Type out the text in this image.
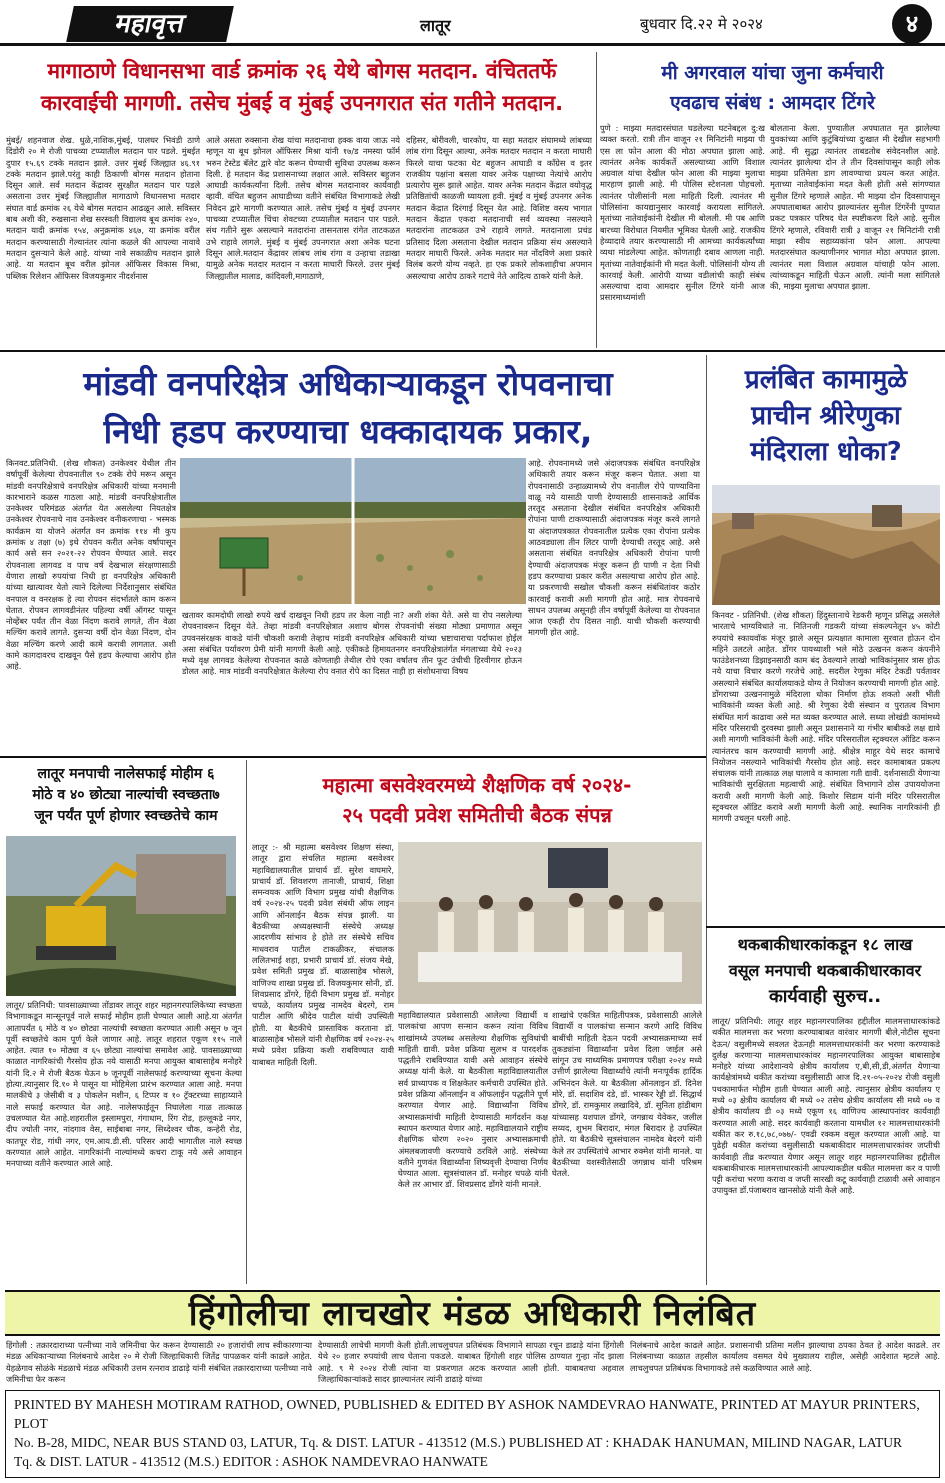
महावृत्त	लातूर	बुधवार दि.२२ मे २०२४	४
मागाठाणे विधानसभा वार्ड क्रमांक २६ येथे बोगस मतदान. वंचिततर्फे
कारवाईची मागणी. तसेच मुंबई व मुंबई उपनगरात संत गतीने मतदान.
मुंबई/ शहनवाज शेख. धुळे,नाशिक,मुंबई, पालघर भिवंडी ठाणे दिंडोरी २० मे रोजी पाचव्या टप्प्यातील मतदान पार पडले. मुंबईत दुपार १५.६९ टक्के मतदान झाले. उत्तर मुंबई जिल्ह्यात ४६.९१ टक्के मतदान झाले.परंतु काही ठिकाणी बोगस मतदान होताना दिसून आले. सर्व मतदान केंद्रावर सुरक्षीत मतदान पार पडले असताना उत्तर मुंबई जिल्ह्यातील मागाठाणे विधानसभा मतदार संघात वार्ड क्रमांक २६ येथे बोगस मतदान आढळून आले. सविस्तर बाब अशी की, रुखसाना शेख सरस्वती विद्यालय बूथ क्रमांक २४०, मतदान यादी क्रमांक १५४, अनुक्रमांक ४६७, या क्रमांक वरील मतदान करण्यासाठी गेल्यानंतर त्यांना कळले की आपल्या नावावे मतदान दुसऱ्याने केले आहे. यांच्या नावे सकाळीच मतदान झाले आहे. या मतदान बूथ वरील झोनल ऑफिसर विकास मिश्रा, पब्लिक रिलेशन ऑफिसर विजयकुमार नीदर्शनास
आले असता रुक्साना शेख यांचा मतदानाचा हक्क वाया जाऊ नये म्हणून या बूथ झोनल ऑफिसर मिश्रा यांनी १७/ड नमस्या फॉर्म भरुन टेस्टेड बॅलेट द्वारे वोट करून घेण्याची सुविधा उपलब्ध करून दिली. हे मतदान केंद्र प्रशासनाच्या लक्षात आले. सविस्तर बहुजन आघाडी कार्यकर्त्यांना दिली. तसेच बोगस मतदानावर कार्यवाही व्हावी. वंचित बहुजन आघाडीच्या वतीने संबंधित विभागाकडे लेखी निवेदन द्वारे मागणी करण्यात आले. तसेच मुंबई व मुंबई उपनगर पाचव्या टप्प्यातील चिंचा शेवटच्या टप्प्यातील मतदान पार पडले. संथ गतीने सुरू असल्याने मतदारांना तासनतास रांगेत ताटकळत उभे राहावे लागले. मुंबई व मुंबई उपनगरात अशा अनेक घटना दिसून आले.मतदान केंद्रावर लांबच लांब रांगा व उन्हाचा तडाखा यामुळे अनेक मतदार मतदान न करता माघारी फिरले. उत्तर मुंबई जिल्ह्यातील मालाड, कांदिवली,मागाठाणे,
दहिसर, बोरीवली, चारकोप, या सहा मतदार संघामध्ये लांबच्या लांब रांगा दिसून आल्या, अनेक मतदार मतदान न करता माघारी फिरले याचा फटका थेट बहुजन आघाडी व काँग्रेस व इतर राजकीय पक्षांना बसला यावर अनेक पक्षाच्या नेत्यांचे आरोप प्रत्यारोप सुरू झाले आहेत. यावर अनेक मतदान केंद्रात वयोवृद्ध प्रतिष्ठितांची काळजी घ्यायला हवी. मुंबई व मुंबई उपनगर अनेक मतदान केंद्रात दिरंगाई दिसून येत आहे. विशिष्ट वस्त्य भागात मतदान केंद्रात एकदा मतदानाची सर्व व्यवस्था नसल्याने मतदारांना ताटकळत उभे राहावे लागते. मतदानाला प्रचंड प्रतिसाद दिला असताना देखील मतदान प्रक्रिया संथ असल्याने मतदार माघारी फिरले. अनेक मतदार मत नोंदविणे अशा प्रकारे विलंब करणे योग्य नव्हते. हा एक प्रकारे लोकशाहीचा अपमान असल्याचा आरोप ठाकरे गटाचे नेते आदित्य ठाकरे यांनी केले.
मी अगरवाल यांचा जुना कर्मचारी
एवढाच संबंध : आमदार टिंगरे
पुणे : माझ्या मतदारसंघात घडलेल्या घटनेबद्दल दु:ख व्यक्त करतो. रात्री तीन वाजून २१ मिनिटांनी माझ्या पी एस ला फोन आला की मोठा अपघात झाला आहे. त्यानंतर अनेक कार्यकर्ते असल्याच्या आणि विशाल अग्रवाल यांचा देखील फोन आला की माझ्या मुलाचा मारहाण झाली आहे. मी पोलिस स्टेशनला पोहचलो. त्यानंतर पोलीसांनी मला माहिती दिली. त्यानंतर मी पोलिसांना कायद्यानुसार कारवाई करायला सांगितले. मृतांच्या नातेवाईकांनी देखील मी बोलली. मी पब आणि बारच्या विरोधात नियमीत भूमिका घेतली आहे. राजकीय हेव्यादावे तयार करण्यासाठी मी आमच्या कार्यकर्त्यांच्या व्यथा मांडलेल्या आहेत. कोणताही दबाव आणला नाही. मृतांच्या नातेवाईकांनी मी मदत केली. पोलिसांनी योग्य ती कारवाई केली. आरोपी याच्या वडीलांची काही संबंध असल्याचा दावा आमदार सुनील टिंगरे यांनी आज प्रसारमाध्यमांशी
बोलताना केला. पुण्यातील अपघातात मृत झालेल्या युवकांच्या आणि कुटुंबियांच्या दुःखात मी देखील सहभागी आहे. मी सुद्धा त्यानंतर ताबडतोब संवेदनशील आहे. त्यानंतर झालेल्या दोन ते तीन दिवसांपासून काही लोक माझ्या प्रतिमेला डाग लावण्याचा प्रयत्न करत आहेत. मृताच्या नातेवाईकांना मदत केली होती असे सांगण्यात सुनील टिंगरे म्हणाले आहेत. मी माझ्या दोन दिवसापासून अपघाताबाबत आरोप झाल्यानंतर सुनील टिंगरेंनी पुण्यात प्रकट पत्रकार परिषद घेत स्पष्टीकरण दिले आहे. सुनील टिंगरे म्हणाले, रविवारी रात्री ३ वाजून २१ मिनिटांनी रात्री माझा स्वीय सहाय्यकांना फोन आला. आपल्या मतदारसंघात कल्याणीनगर भागात मोठा अपघात झाला. त्यानंतर मला विशाल अग्रवाल यांचाही फोन आला. त्यांच्याकडून माहिती घेऊन आली. त्यांनी मला सांगितले की, माझ्या मुलाचा अपघात झाला.
मांडवी वनपरिक्षेत्र अधिकाऱ्याकडून रोपवनाचा
निधी हडप करण्याचा धक्कादायक प्रकार,
किनवट.प्रतिनिधी. (शेख शौकत) उनकेश्वर येथील तीन वर्षापूर्वी केलेल्या रोपवनातील ९० टक्के रोपे मरून असून मांडवी वनपरिक्षेत्राचे वनपरिक्षेत्र अधिकारी यांच्या मनमानी कारभाराने कळस गाठला आहे. मांडवी वनपरिक्षेत्रातील उनकेश्वर परिमंडळ अंतर्गत येत असलेल्या नियतक्षेत्र उनकेश्वर रोपवनाचे नाव उनकेश्वर वनीकरणाचा - भस्मक कार्यक्रम या योजने अंतर्गत वन क्रमांक ११४ मी कुप क्रमांक ४ तक्षा (७) इथे रोपवन करीत अनेक वर्षापासून कार्य असे सन २०२१-२२ रोपवन घेण्यात आले. सदर रोपवनाला लागवड व पाच वर्ष देखभाल संरक्षणासाठी येणारा लाखो रुपयांचा निधी हा वनपरिक्षेत्र अधिकारी यांच्या खात्यावर येतो त्याने दिलेल्या निर्देशानुसार संबंधित वनपाल व वनरक्षक हे त्या रोपवन संदर्भातले काम करून घेतात. रोपवन लागवडीनंतर पहिल्या वर्षी ऑगस्ट पासून नोव्हेंबर पर्यंत तीन वेळा निंदण करावे लागते, तीन वेळा मल्चिंग करावे लागते. दुसऱ्या वर्षी दोन वेळा निंदण, दोन वेळा मल्चिंग करणे आदी कामे करावी लागतात. अशी कामे कागदावरच दाखवून पैसे हडप केल्याचा आरोप होत आहे.
खतावर कामदोघी लाखो रुपये खर्च दाखवून निधी हडप तर केला नाही ना? अशी शंका येते. असे या रोप नसलेल्या रोपवनावरून दिसून येते. तेव्हा मांडवी वनपरिक्षेत्रात अशाच बोगस रोपवनांची संख्या मोठ्या प्रमाणात असून उपवनसंरक्षक वाकडे यांनी चौकशी करावी तेव्हाच मांडवी वनपरिक्षेत्र अधिकारी यांच्या भ्रष्टाचाराचा पर्दाफाश होईल असा संबंधित पर्यावरण प्रेमी यांनी मागणी केली आहे. एकीकडे हिमायतनगर वनपरिक्षेत्रातंर्गत मंगलाच्या येथे २०२३ मध्ये वृक्ष लागवड केलेल्या रोपवनात काळे कोणताही तेथील रोपे एका वर्षातच तीन फूट उंचीची हिरवीगार होऊन डोलत आहे. मात्र मांडवी वनपरिक्षेत्रात केलेल्या रोप वनात रोपे का दिसत नाही हा संशोधनाचा विषय
आहे. रोपवनामध्ये जसे अंदाजपत्रक संबंधित वनपरिक्षेत्र अधिकारी तयार करून मंजूर करून घेतात. अशा या रोपवनासाठी उन्हाळ्यामध्ये रोप वनातील रोपे पाण्याविना वाळू नये यासाठी पाणी देण्यासाठी शासनाकडे आर्थिक तरतूद असताना देखील संबंधित वनपरिक्षेत्र अधिकारी रोपांना पाणी टाकण्यासाठी अंदाजपत्रक मंजूर करवे लागते या अंदाजपत्रकात रोपवनातील प्रत्येक एका रोपांना प्रत्येक आठवड्याला तीन लिटर पाणी देण्याची तरतूद आहे. असे असताना संबंधित वनपरिक्षेत्र अधिकारी रोपांना पाणी देण्याची अंदाजपत्रक मंजूर करून ही पाणी न देता निधी हडप करण्याचा प्रकार करीत असल्याचा आरोप होत आहे. या प्रकरणाची सखोल चौकशी करून संबंधितांवर कठोर कारवाई करावी अशी मागणी होत आहे. मात्र रोपवनाचे साधन उपलब्ध असूनही तीन वर्षापूर्वी केलेल्या या रोपवनात आज एकही रोप दिसत नाही. याची चौकशी करण्याची मागणी होत आहे.
प्रलंबित कामामुळे
प्राचीन श्रीरेणुका
मंदिराला धोका?
किनवट - प्रतिनिधी. (शेख शौकत) हिंदुस्तानाचे रेडकरी म्हणून प्रसिद्ध असलेले भारताचे भाग्यविधाते ना. नितिनजी गडकरी यांच्या संकल्पनेतून ४५ कोटी रुपयांचे स्कायवॉक मंजूर झाले असून प्रत्यक्षात कामाला सुरवात होऊन दोन महिने उलटले आहेत. डोंगर पायथ्याशी भले मोठे उत्खनन करून कंपनीने फाउंडेशनच्या डिझाइनसाठी काम बंद ठेवल्याने लाखो भाविकांनुसार त्रास होऊ नये याचा विचार करणे गरजेचे आहे. सदरील रेणुका मंदिर टेकडी पर्वतावर असल्याने संबंधित कार्यालयाकडे योग्य ते नियोजन करण्याची मागणी होत आहे. डोंगराच्या उत्खननामुळे मंदिराला धोका निर्माण होऊ शकतो अशी भीती भाविकांनी व्यक्त केली आहे. श्री रेणुका देवी संस्थान व पुरातत्व विभाग संबंधित मार्ग काढावा असे मत व्यक्त करण्यात आले. सध्या लोखंडी कामांमध्ये मंदिर परिसराची दुरवस्था झाली असून प्रशासनाने या गंभीर बाबीकडे लक्ष द्यावे अशी मागणी भाविकांनी केली आहे. मंदिर परिसरातील स्ट्रक्चरल ऑडिट करून त्यानंतरच काम करण्याची मागणी आहे. श्रीक्षेत्र माहूर येथे सदर कामाचे नियोजन नसल्याने भाविकांची गैरसोय होत आहे. सदर कामाबाबत प्रकल्प संचालक यांनी तात्काळ लक्ष घालावे व कामाला गती द्यावी. दर्शनासाठी येणाऱ्या भाविकांची सुरक्षितता महत्वाची आहे. संबंधित विभागाने ठोस उपाययोजना करावी अशी मागणी केली आहे. किशोर सिडाम यांनी मंदिर परिसरातील स्ट्रक्चरल ऑडिट करावे अशी मागणी केली आहे. स्थानिक नागरिकांनी ही मागणी उचलून धरली आहे.
लातूर मनपाची नालेसफाई मोहीम ६
मोठे व ४० छोट्या नाल्यांची स्वच्छता७
जून पर्यंत पूर्ण होणार स्वच्छतेचे काम
लातूर/ प्रतिनिधी: पावसाळ्याच्या तोंडावर लातूर शहर महानगरपालिकेच्या स्वच्छता विभागाकडून मान्सूनपूर्व नाले सफाई मोहीम हाती घेण्यात आली आहे.या अंतर्गत आतापर्यंत ६ मोठे व ४० छोट्या नाल्यांची स्वच्छता करण्यात आली असून ७ जून पूर्वी स्वच्छतेचे काम पूर्ण केले जाणार आहे. लातूर शहरात एकूण ११५ नाले आहेत. त्यात १० मोठ्या व ६५ छोट्या नाल्यांचा समावेश आहे. पावसाळ्याच्या काळात नागरिकांची गैरसोय होऊ नये यासाठी मनपा आयुक्त बाबासाहेब मनोहरे यांनी दि.२ मे रोजी बैठक घेऊन ७ जूनपूर्वी नालेसफाई करण्याच्या सूचना केल्या होत्या.त्यानुसार दि.१० मे पासून या मोहिमेला प्रारंभ करण्यात आला आहे. मनपा मालकीचे ३ जेसीबी व ३ पोकलेन मशीन, ६ टिप्पर व १० ट्रॅक्टरच्या साहाय्याने नाले सफाई करण्यात येत आहे. नालेसफाईतून निघालेला गाळ तात्काळ उचलण्यात येत आहे.शहरातील इस्लामपुरा, गंगाधाम, रिंग रोड, हल्लूकडे नगर, दीप ज्योती नगर, नांदगाव वेस, साईबाबा नगर, सिध्देश्वर चौक, कन्हेरी रोड, कातपूर रोड, गांधी नगर, एम.आय.डी.सी. परिसर आदी भागातील नाले स्वच्छ करण्यात आले आहेत. नागरिकांनी नाल्यांमध्ये कचरा टाकू नये असे आवाहन मनपाच्या वतीने करण्यात आले आहे.
महात्मा बसवेश्वरमध्ये शैक्षणिक वर्ष २०२४-
२५ पदवी प्रवेश समितीची बैठक संपन्न
लातूर :- श्री महात्मा बसवेश्वर शिक्षण संस्था, लातूर द्वारा संचलित महात्मा बसवेश्वर महाविद्यालयातील प्राचार्य डॉ. सुरेश वाघमारे, प्राचार्य डॉ. शिवशरण तानाजी, प्राचार्य, शिक्षा समन्वयक आणि विभाग प्रमुख यांची शैक्षणिक वर्ष २०२४-२५ पदवी प्रवेश संबंधी ऑफ लाइन आणि ऑनलाईन बैठक संपन्न झाली. या बैठकीच्या अध्यक्षस्थानी संस्थेचे अध्यक्ष आदरणीय सांभाव हे होते तर संस्थेचे सचिव माधवराव पाटील टाकळीकर, संचालक ललितभाई शहा, प्रभारी प्राचार्य डॉ. संजय मेखे, प्रवेश समिती प्रमुख डॉ. बाळासाहेब भोसले, वाणिज्य शाखा प्रमुख डॉ. विजयकुमार सोनी, डॉ. शिवप्रसाद डोंगरे, हिंदी विभाग प्रमुख डॉ. मनोहर चपळे, कार्यालय प्रमुख नामदेव बेदरगे, राम पाटील आणि श्रीदेव पाटील यांची उपस्थिती होती. या बैठकीचे प्रास्ताविक करताना डॉ. बाळासाहेब भोसले यांनी शैक्षणिक वर्ष २०२४-२५ मध्ये प्रवेश प्रक्रिया कशी राबविण्यात यावी याबाबत माहिती दिली.
महाविद्यालयात प्रवेशासाठी आलेल्या विद्यार्थी व पालकांचा आपण सन्मान करून त्यांना विविध शाखांमध्ये उपलब्ध असलेल्या शैक्षणिक सुविधांची माहिती द्यावी. प्रवेश प्रक्रिया सुलभ व पारदर्शक पद्धतीने राबविण्यात यावी असे आवाहन संस्थेचे अध्यक्ष यांनी केले. या बैठकीला महाविद्यालयातील सर्व प्राध्यापक व शिक्षकेतर कर्मचारी उपस्थित होते. प्रवेश प्रक्रिया ऑनलाईन व ऑफलाईन पद्धतीने पूर्ण करण्यात येणार आहे. विद्यार्थ्यांना विविध अभ्यासक्रमांची माहिती देण्यासाठी मार्गदर्शन कक्ष स्थापन करण्यात येणार आहे. महाविद्यालयाने राष्ट्रीय शैक्षणिक धोरण २०२० नुसार अभ्यासक्रमाची अंमलबजावणी करण्याचे ठरविले आहे. संस्थेच्या वतीने गुणवंत विद्यार्थ्यांना शिष्यवृत्ती देण्याचा निर्णय घेण्यात आला. सूत्रसंचालन डॉ. मनोहर चपळे यांनी केले तर आभार डॉ. शिवप्रसाद डोंगरे यांनी मानले.
शाखांचे एकत्रित माहितीपत्रक, प्रवेशासाठी आलेले विद्यार्थी व पालकांचा सन्मान करणे आदि विविध बाबींची माहिती देऊन पदवी अभ्यासक्रमाच्या सर्व तुकड्यांना विद्यार्थ्यांना प्रवेश दिला जाईल असे सांगून उच माध्यमिक प्रमाणपत्र परीक्षा २०२४ मध्ये उत्तीर्ण झालेल्या विद्यार्थ्यांचे त्यांनी मनःपूर्वक हार्दिक अभिनंदन केले. या बैठकीला ऑनलाइन डॉ. दिनेश मोरे, डॉ. सदाशिव दंडे, डॉ. भास्कर रेड्डी डॉ. सिद्धार्थ डोंगरे, डॉ. रामकुमार लखादिवे, डॉ. सुनिता हांडीबाग यांच्यासह यशपाल डोंगरे, जगन्नाथ येवेकर, जलील सय्यद, शुभम बिरादार, मंगल बिरादार हे उपस्थित होते. या बैठकीचे सूत्रसंचालन नामदेव बेदरगे यांनी केले तर उपस्थितांचे आभार रुक्मेश यांनी मानले. या बैठकीच्या यशस्वीतेसाठी जगन्नाथ यांनी परिश्रम घेतले.
थकबाकीधारकांकडून १८ लाख
वसूल मनपाची थकबाकीधारकावर
कार्यवाही सुरुच..
लातूर/ प्रतिनिधी: लातूर शहर महानगरपालिका हद्दीतील मालमत्ताधारकांकडे थकीत मालमत्ता कर भरणा करण्याबाबत वारंवार मागणी बीले,नोटीस सूचना देऊन/ वसुलीमध्ये सवलत देऊनही मालमत्ताधारकांनी कर भरणा करण्याकडे दुर्लक्ष करणाऱ्या मालमत्ताधारकांवर महानगरपालिका आयुक्त बाबासाहेब मनोहरे यांच्या आदेशान्वये क्षेत्रीय कार्यालय ए,बी,सी,डी,अंतर्गत येणाऱ्या कार्यक्षेत्रांमध्ये थकीत करांच्या वसुलीसाठी आज दि.२१-०५-२०२४ रोजी वसुली पथकामार्फत मोहीम हाती घेण्यात आली आहे. त्यानुसार क्षेत्रीय कार्यालय ए मध्ये ०३ क्षेत्रीय कार्यालय बी मध्ये ०२ तसेच क्षेत्रीय कार्यालय सी मध्ये ०७ व क्षेत्रीय कार्यालय डी ०३ मध्ये एकूण १६ वाणिज्य आस्थापनांवर कार्यवाही करण्यात आली आहे. सदर कार्यवाही करताना यामधील १२ मालमत्ताधारकांनी थकीत कर रु.१८,७८,०७७/- एवढी रक्कम वसूल करण्यात आली आहे. या पुढेही थकीत करांच्या वसुलीसाठी थकबाकीदार मालमत्ताधारकांवर जप्तीची कार्यवाही तीव्र करण्यात येणार असून लातूर शहर महानगरपालिका हद्दीतील थकबाकीधारक मालमत्ताधारकांनी आपल्याकडील थकीत मालमत्ता कर व पाणी पट्टी करांचा भरणा करावा व जप्ती सारखी कटू कार्यवाही टाळावी असे आवाहन उपायुक्त डॉ.पंजाबराव खानसोळे यांनी केले आहे.
हिंगोलीचा लाचखोर मंडळ अधिकारी निलंबित
हिंगोली : तक्रारदाराच्या पत्नीच्या नावे जमिनीचा फेर करून देण्यासाठी २० हजारांची लाच स्वीकारणाऱ्या मंडळ अधिकाऱ्याच्या निलंबनाचे आदेश २० मे रोजी जिल्हाधिकारी जितेंद्र पापळकर यांनी काढले आहेत. येहळेगाव सोळंके मंडळाचे मंडळ अधिकारी उत्तम रत्नराव डाढाड़े यांनी संबंधित तक्रारदाराच्या पत्नीच्या नावे जमिनीचा फेर करून
देण्यासाठी लाचेची मागणी केली होती.लाचलुचपत प्रतिबंधक विभागाने सापळा रचून डाढाड़े यांना हिंगोली येथे २० हजार रुपयांची लाच घेताना पकडले. याबाबत हिंगोली शहर पोलिस ठाण्यात गुन्हा नोंद झाला आहे. ९ मे २०२४ रोजी त्यांना या प्रकरणात अटक करण्यात आली होती. याबाबतचा अहवाल जिल्हाधिकाऱ्यांकडे सादर झाल्यानंतर त्यांनी डाढाड़े यांच्या
निलंबनाचे आदेश काढले आहेत. प्रशासनाची प्रतिमा मलीन झाल्याचा ठपका ठेवत हे आदेश काढले. तर निलंबनाच्या काळात तहसील कार्यालय वसमत येथे मुख्यालय राहील, असेही आदेशात म्हटले आहे. लाचलुचपत प्रतिबंधक विभागाकडे तसे कळविण्यात आले आहे.
PRINTED BY MAHESH MOTIRAM RATHOD, OWNED, PUBLISHED & EDITED BY ASHOK NAMDEVRAO HANWATE, PRINTED AT MAYUR PRINTERS, PLOT
No. B-28, MIDC, NEAR BUS STAND 03, LATUR, Tq. & DIST. LATUR - 413512 (M.S.) PUBLISHED AT : KHADAK HANUMAN, MILIND NAGAR, LATUR
Tq. & DIST. LATUR - 413512 (M.S.) EDITOR : ASHOK NAMDEVRAO HANWATE
